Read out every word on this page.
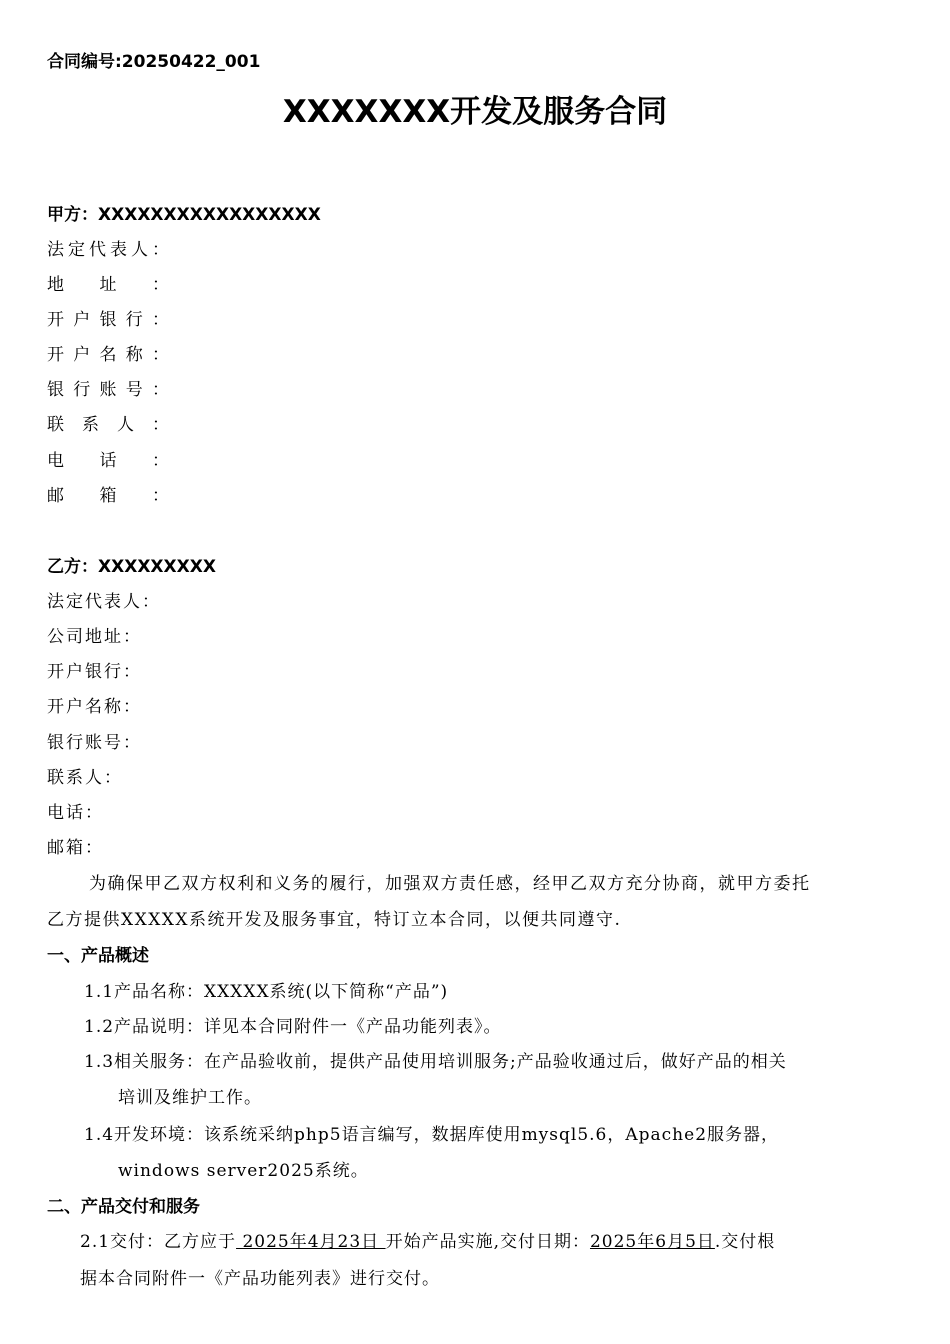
合同编号:20250422_001
XXXXXXX开发及服务合同
甲方：XXXXXXXXXXXXXXXXX
法定代表人：
地址：
开户银行：
开户名称：
银行账号：
联系人：
电话：
邮箱：
乙方：XXXXXXXXX
法定代表人：
公司地址：
开户银行：
开户名称：
银行账号：
联系人：
电话：
邮箱：
为确保甲乙双方权利和义务的履行，加强双方责任感，经甲乙双方充分协商，就甲方委托
乙方提供XXXXX系统开发及服务事宜，特订立本合同，以便共同遵守.
一、产品概述
1.1产品名称：XXXXX系统(以下简称“产品”)
1.2产品说明：详见本合同附件一《产品功能列表》。
1.3相关服务：在产品验收前，提供产品使用培训服务;产品验收通过后，做好产品的相关
培训及维护工作。
1.4开发环境：该系统采纳php5语言编写，数据库使用mysql5.6，Apache2服务器，
windows server2025系统。
二、产品交付和服务
2.1交付：乙方应于 2025年4月23日 开始产品实施,交付日期：2025年6月5日.交付根
据本合同附件一《产品功能列表》进行交付。
